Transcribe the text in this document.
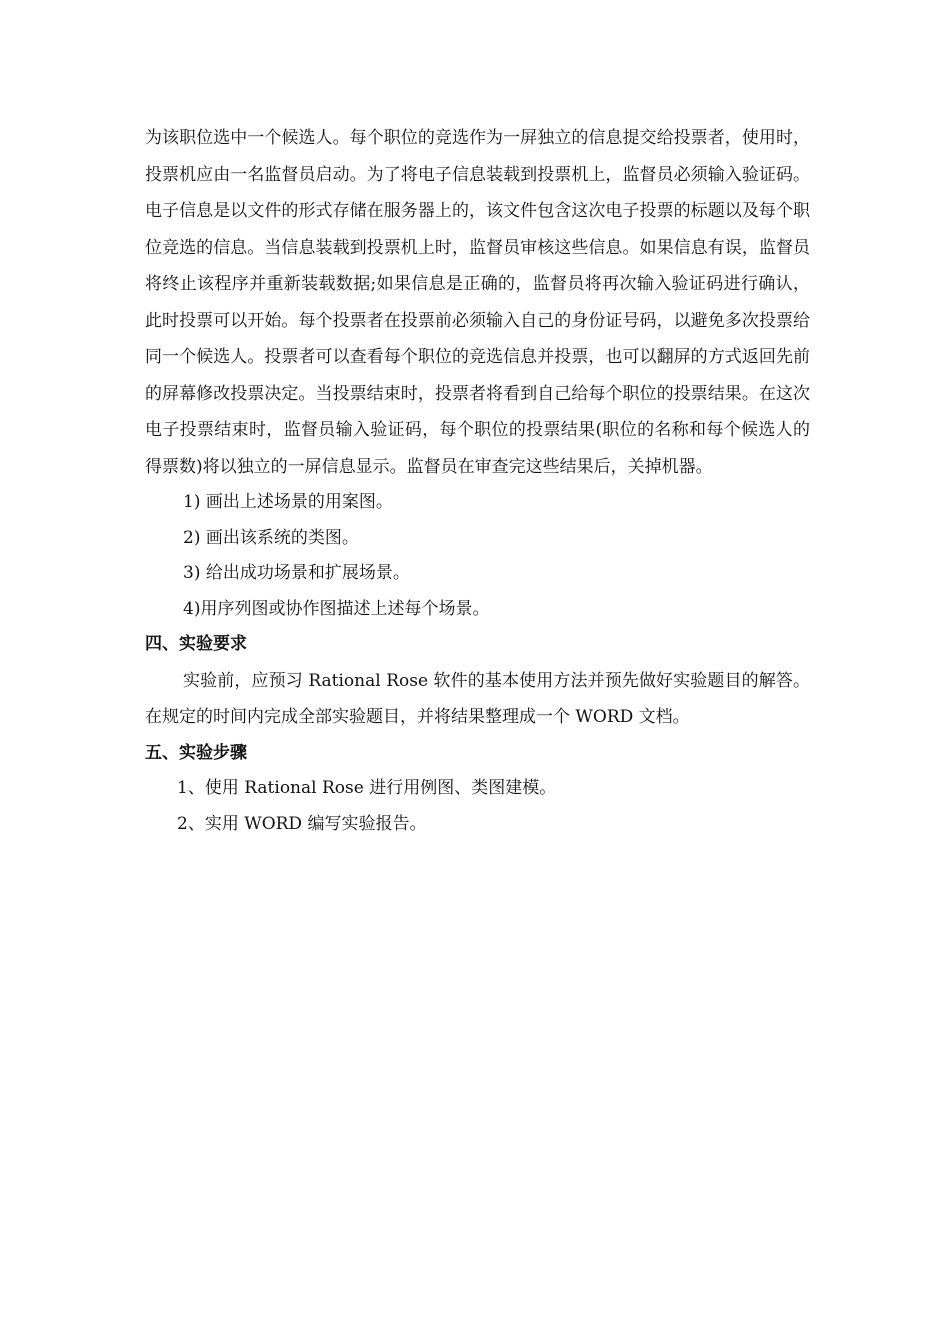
为该职位选中一个候选人。每个职位的竞选作为一屏独立的信息提交给投票者，使用时，投票机应由一名监督员启动。为了将电子信息装载到投票机上，监督员必须输入验证码。电子信息是以文件的形式存储在服务器上的，该文件包含这次电子投票的标题以及每个职位竞选的信息。当信息装载到投票机上时，监督员审核这些信息。如果信息有误，监督员将终止该程序并重新装载数据;如果信息是正确的，监督员将再次输入验证码进行确认，此时投票可以开始。每个投票者在投票前必须输入自己的身份证号码，以避免多次投票给同一个候选人。投票者可以查看每个职位的竞选信息并投票，也可以翻屏的方式返回先前的屏幕修改投票决定。当投票结束时，投票者将看到自己给每个职位的投票结果。在这次电子投票结束时，监督员输入验证码，每个职位的投票结果(职位的名称和每个候选人的得票数)将以独立的一屏信息显示。监督员在审查完这些结果后，关掉机器。

1) 画出上述场景的用案图。

2) 画出该系统的类图。

3) 给出成功场景和扩展场景。

4)用序列图或协作图描述上述每个场景。

四、实验要求

实验前，应预习 Rational Rose 软件的基本使用方法并预先做好实验题目的解答。在规定的时间内完成全部实验题目，并将结果整理成一个 WORD 文档。

五、实验步骤

1、使用 Rational Rose 进行用例图、类图建模。

2、实用 WORD 编写实验报告。
